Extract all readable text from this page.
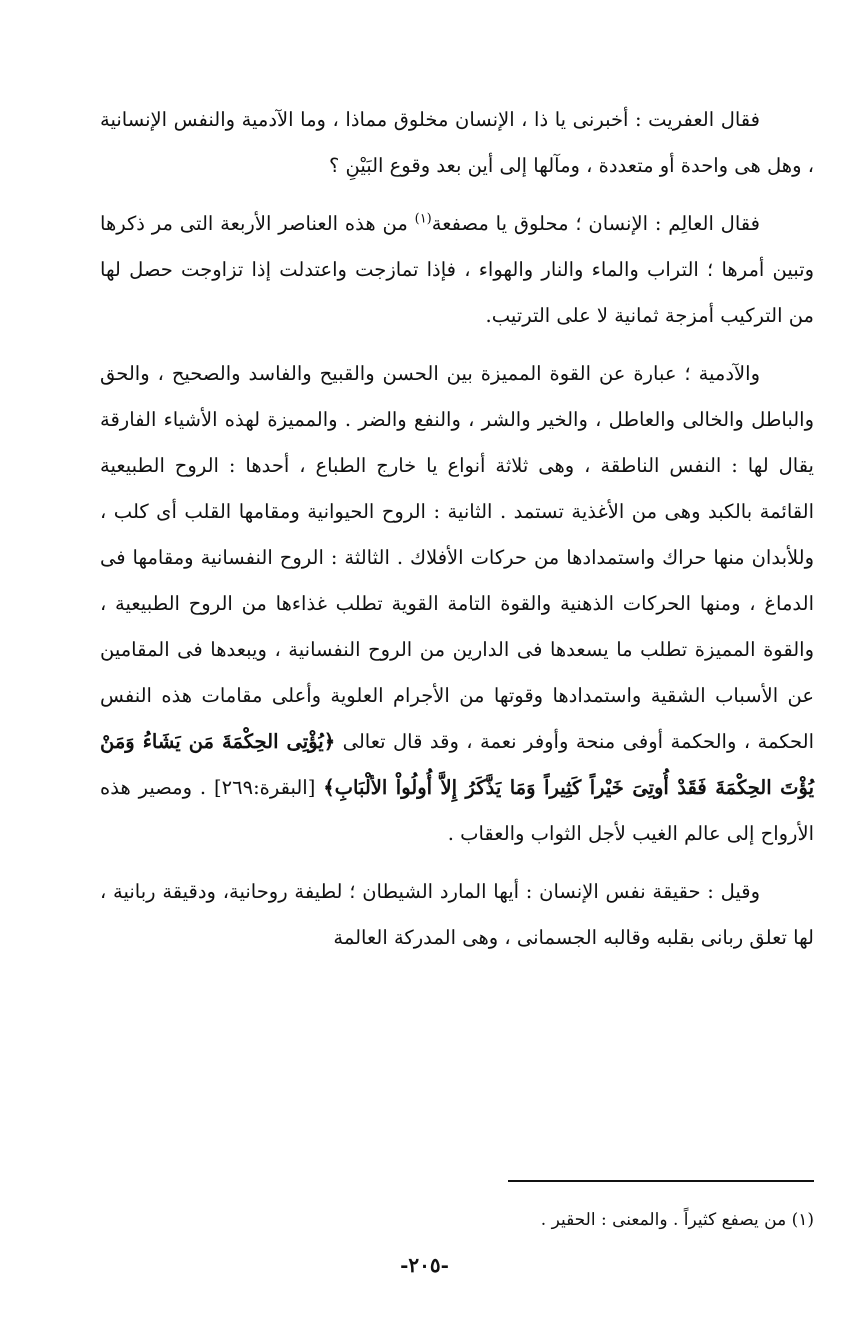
فقال العفريت : أخبرنى يا ذا ، الإنسان مخلوق مماذا ، وما الآدمية والنفس الإنسانية ، وهل هى واحدة أو متعددة ، ومآلها إلى أين بعد وقوع البَيْنِ ؟

فقال العالِم : الإنسان ؛ محلوق يا مصفعة$^{(١)}$ من هذه العناصر الأربعة التى مر ذكرها وتبين أمرها ؛ التراب والماء والنار والهواء ، فإذا تمازجت واعتدلت إذا تزاوجت حصل لها من التركيب أمزجة ثمانية لا على الترتيب.

والآدمية ؛ عبارة عن القوة المميزة بين الحسن والقبيح والفاسد والصحيح ، والحق والباطل والخالى والعاطل ، والخير والشر ، والنفع والضر . والمميزة لهذه الأشياء الفارقة يقال لها : النفس الناطقة ، وهى ثلاثة أنواع يا خارج الطباع ، أحدها : الروح الطبيعية القائمة بالكبد وهى من الأغذية تستمد . الثانية : الروح الحيوانية ومقامها القلب أى كلب ، وللأبدان منها حراك واستمدادها من حركات الأفلاك . الثالثة : الروح النفسانية ومقامها فى الدماغ ، ومنها الحركات الذهنية والقوة التامة القوية تطلب غذاءها من الروح الطبيعية ، والقوة المميزة تطلب ما يسعدها فى الدارين من الروح النفسانية ، ويبعدها فى المقامين عن الأسباب الشقية واستمدادها وقوتها من الأجرام العلوية وأعلى مقامات هذه النفس الحكمة ، والحكمة أوفى منحة وأوفر نعمة ، وقد قال تعالى ﴿يُؤْتِى الحِكْمَةَ مَن يَشَاءُ وَمَنْ يُؤْتَ الحِكْمَةَ فَقَدْ أُوتِىَ خَيْراً كَثِيراً وَمَا يَذَّكَرُ إِلاَّ أُولُواْ الألْبَابِ﴾ [البقرة:٢٦٩] . ومصير هذه الأرواح إلى عالم الغيب لأجل الثواب والعقاب .

وقيل : حقيقة نفس الإنسان : أيها المارد الشيطان ؛ لطيفة روحانية، ودقيقة ربانية ، لها تعلق ربانى بقلبه وقالبه الجسمانى ، وهى المدركة العالمة

(١) من يصفع كثيراً . والمعنى : الحقير .
-٢٠٥-
